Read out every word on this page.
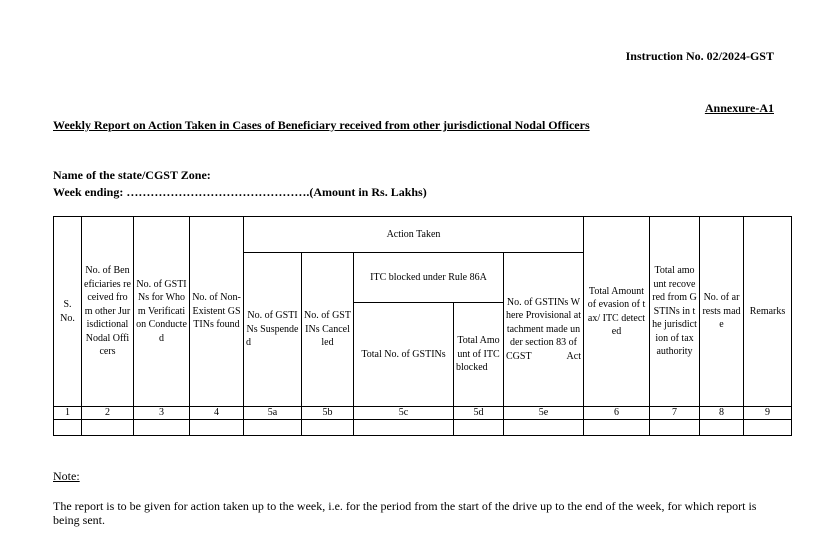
Instruction No. 02/2024-GST
Annexure-A1
Weekly Report on Action Taken in Cases of Beneficiary received from other jurisdictional Nodal Officers
Name of the state/CGST Zone:
Week ending: ……………………………………….(Amount in Rs. Lakhs)
S. No.	No. of Beneficiaries received from other Jurisdictional Nodal Officers	No. of GSTINs for Whom Verification Conducted	No. of Non-Existent GSTINs found	Action Taken					Total Amount of evasion of tax/ ITC detected	Total amount recovered from GSTINs in the jurisdiction of tax authority	No. of arrests made	Remarks
				No. of GSTINs Suspended	No. of GSTINs Cancelled	ITC blocked under Rule 86A		No. of GSTINs Where Provisional attachment made under section 83 of CGST Act				
						Total No. of GSTINs	Total Amount of ITC blocked					
1	2	3	4	5a	5b	5c	5d	5e	6	7	8	9

Note:
The report is to be given for action taken up to the week, i.e. for the period from the start of the drive up to the end of the week, for which report is being sent.
